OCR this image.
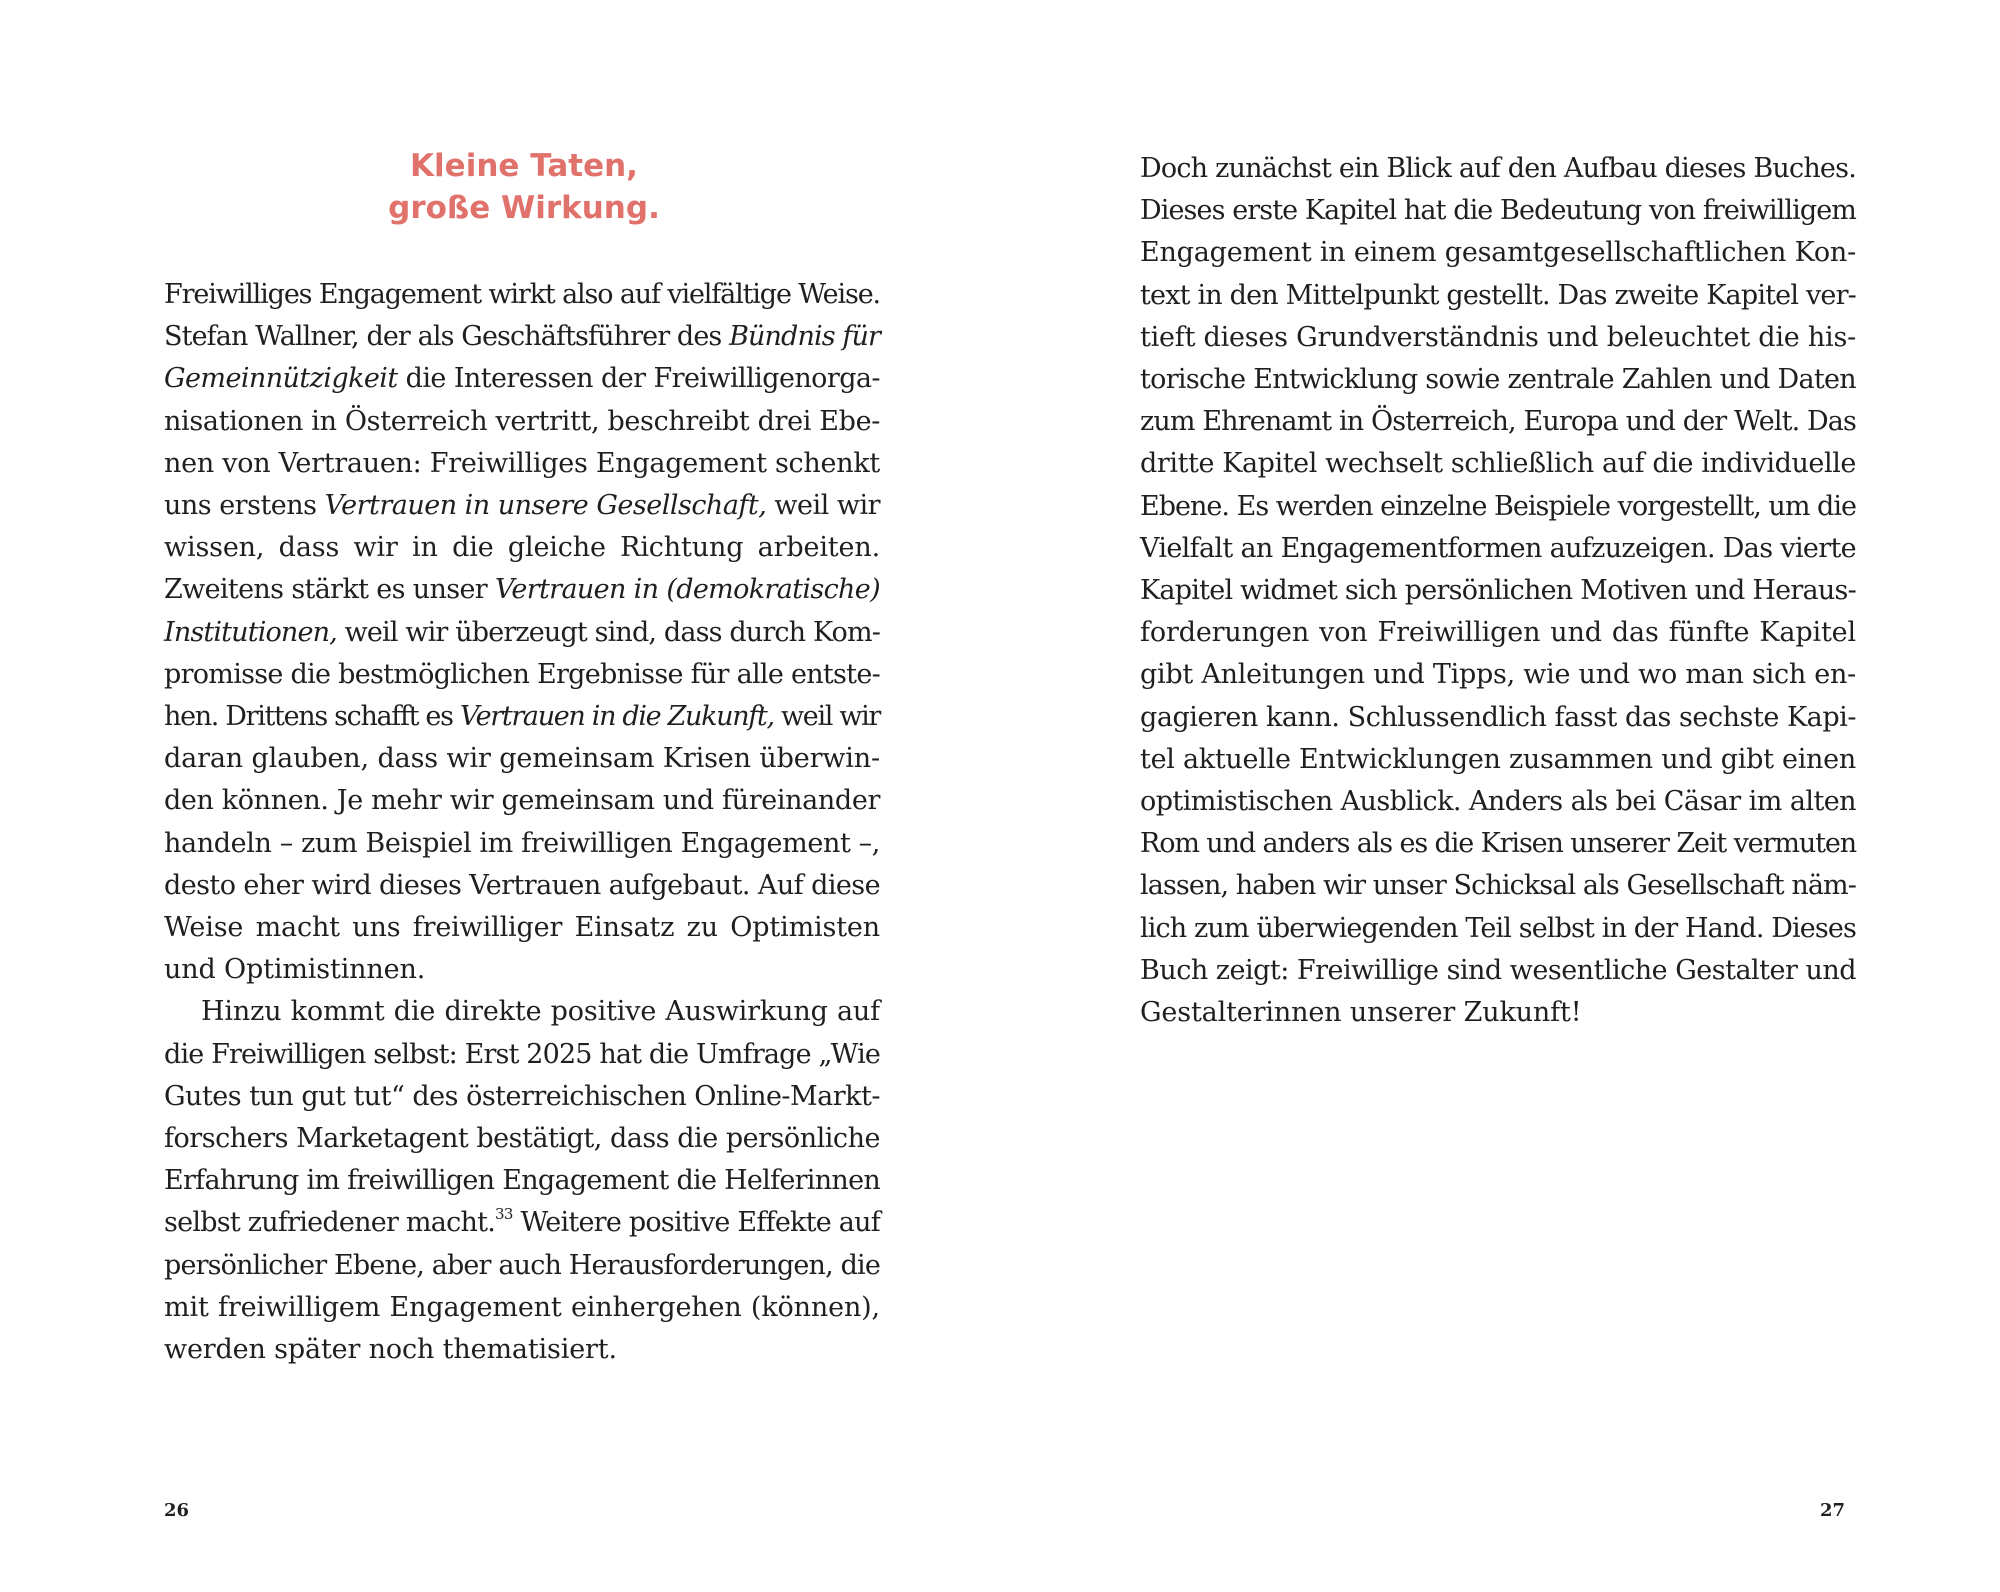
Kleine Taten,
große Wirkung.
Freiwilliges Engagement wirkt also auf vielfältige Weise.
Stefan Wallner, der als Geschäftsführer des Bündnis für
Gemeinnützigkeit die Interessen der Freiwilligenorga-
nisationen in Österreich vertritt, beschreibt drei Ebe-
nen von Vertrauen: Freiwilliges Engagement schenkt
uns erstens Vertrauen in unsere Gesellschaft, weil wir
wissen, dass wir in die gleiche Richtung arbeiten.
Zweitens stärkt es unser Vertrauen in (demokratische)
Institutionen, weil wir überzeugt sind, dass durch Kom-
promisse die bestmöglichen Ergebnisse für alle entste-
hen. Drittens schafft es Vertrauen in die Zukunft, weil wir
daran glauben, dass wir gemeinsam Krisen überwin-
den können. Je mehr wir gemeinsam und füreinander
handeln – zum Beispiel im freiwilligen Engagement –,
desto eher wird dieses Vertrauen aufgebaut. Auf diese
Weise macht uns freiwilliger Einsatz zu Optimisten
und Optimistinnen.
Hinzu kommt die direkte positive Auswirkung auf
die Freiwilligen selbst: Erst 2025 hat die Umfrage „Wie
Gutes tun gut tut“ des österreichischen Online-Markt-
forschers Marketagent bestätigt, dass die persönliche
Erfahrung im freiwilligen Engagement die Helferinnen
selbst zufriedener macht.$^{33}$ Weitere positive Effekte auf
persönlicher Ebene, aber auch Herausforderungen, die
mit freiwilligem Engagement einhergehen (können),
werden später noch thematisiert.
26
Doch zunächst ein Blick auf den Aufbau dieses Buches.
Dieses erste Kapitel hat die Bedeutung von freiwilligem
Engagement in einem gesamtgesellschaftlichen Kon-
text in den Mittelpunkt gestellt. Das zweite Kapitel ver-
tieft dieses Grundverständnis und beleuchtet die his-
torische Entwicklung sowie zentrale Zahlen und Daten
zum Ehrenamt in Österreich, Europa und der Welt. Das
dritte Kapitel wechselt schließlich auf die individuelle
Ebene. Es werden einzelne Beispiele vorgestellt, um die
Vielfalt an Engagementformen aufzuzeigen. Das vierte
Kapitel widmet sich persönlichen Motiven und Heraus-
forderungen von Freiwilligen und das fünfte Kapitel
gibt Anleitungen und Tipps, wie und wo man sich en-
gagieren kann. Schlussendlich fasst das sechste Kapi-
tel aktuelle Entwicklungen zusammen und gibt einen
optimistischen Ausblick. Anders als bei Cäsar im alten
Rom und anders als es die Krisen unserer Zeit vermuten
lassen, haben wir unser Schicksal als Gesellschaft näm-
lich zum überwiegenden Teil selbst in der Hand. Dieses
Buch zeigt: Freiwillige sind wesentliche Gestalter und
Gestalterinnen unserer Zukunft!
27
